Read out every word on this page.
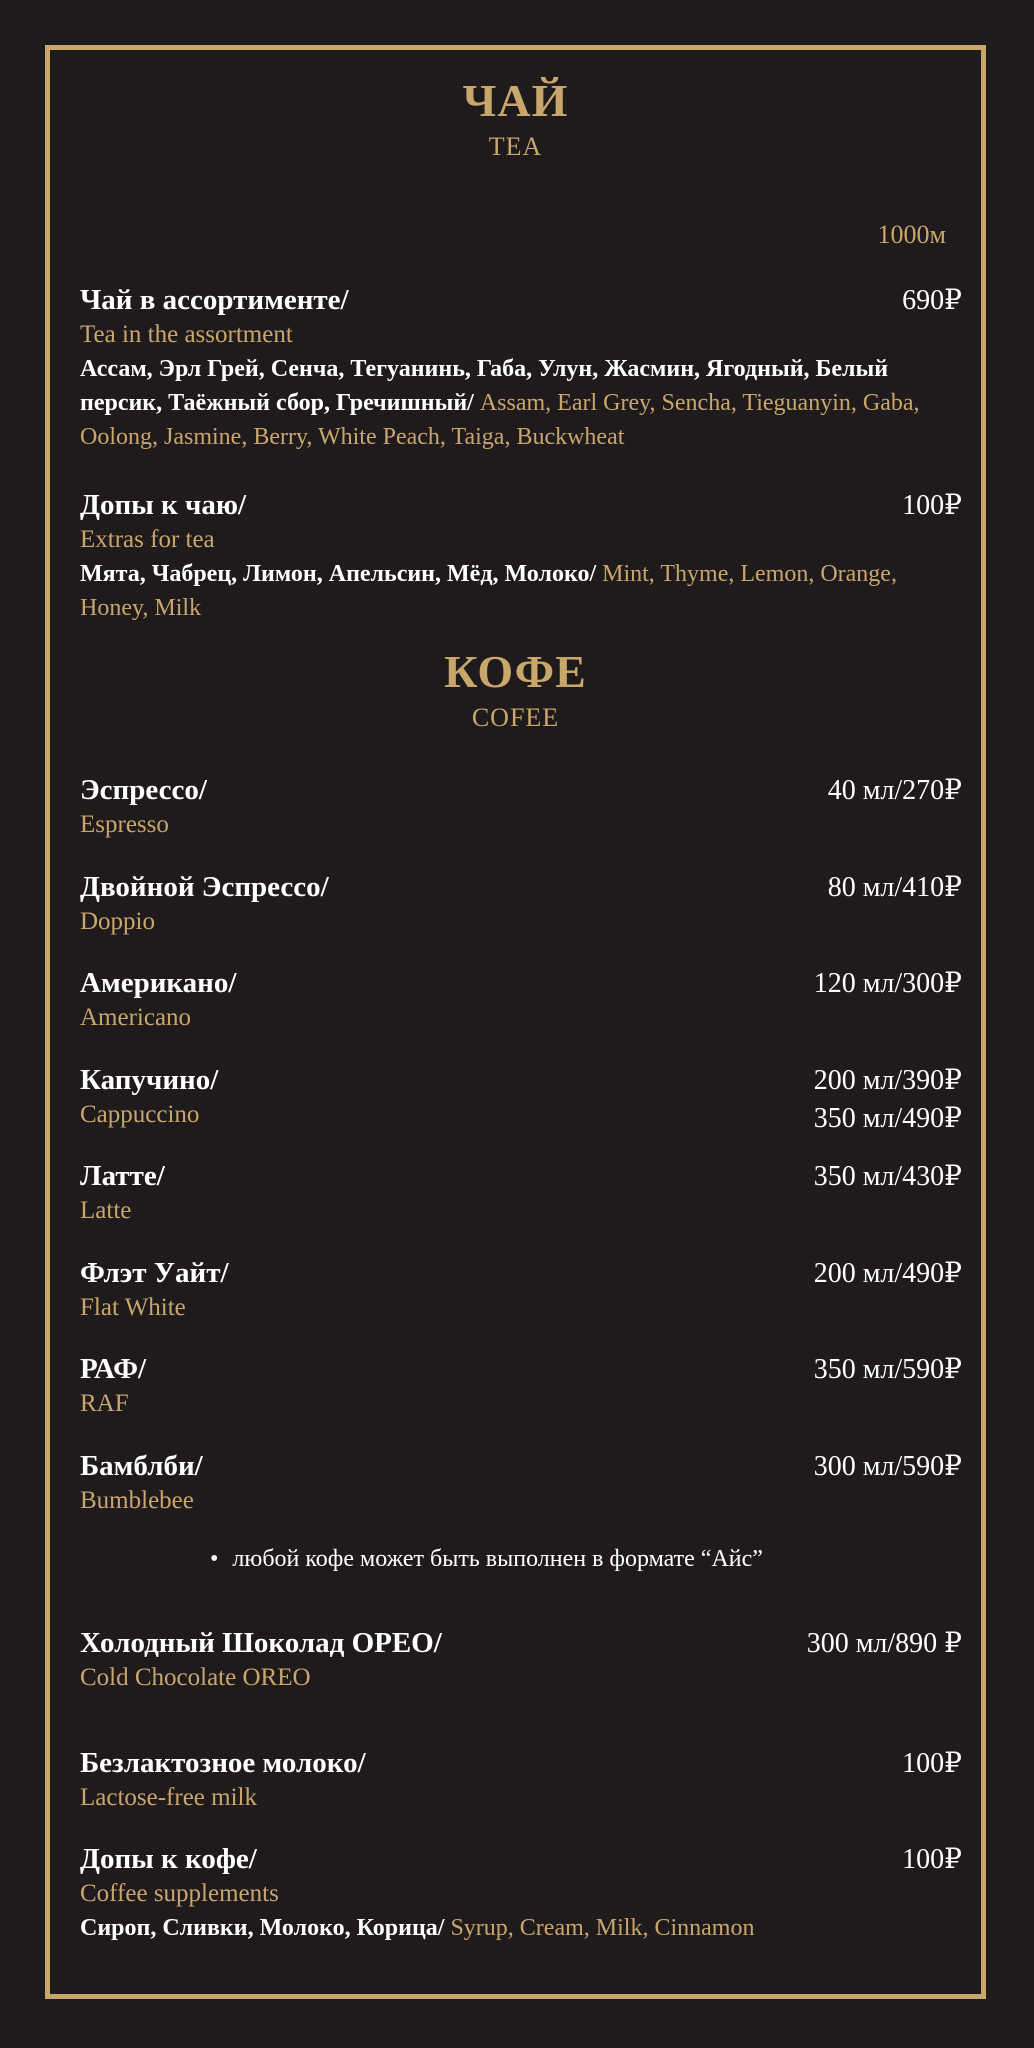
ЧАЙ
TEA
1000м
Чай в ассортименте/
Tea in the assortment
Ассам, Эрл Грей, Сенча, Тегуанинь, Габа, Улун, Жасмин, Ягодный, Белый персик, Таёжный сбор, Гречишный/ Assam, Earl Grey, Sencha, Tieguanyin, Gaba, Oolong, Jasmine, Berry, White Peach, Taiga, Buckwheat
690₽
Допы к чаю/
Extras for tea
Мята, Чабрец, Лимон, Апельсин, Мёд, Молоко/ Mint, Thyme, Lemon, Orange, Honey, Milk
100₽
КОФЕ
COFEE
Эспрессо/
Espresso
40 мл/270₽
Двойной Эспрессо/
Doppio
80 мл/410₽
Американо/
Americano
120 мл/300₽
Капучино/
Cappuccino
200 мл/390₽
350 мл/490₽
Латте/
Latte
350 мл/430₽
Флэт Уайт/
Flat White
200 мл/490₽
РАФ/
RAF
350 мл/590₽
Бамблби/
Bumblebee
300 мл/590₽
• любой кофе может быть выполнен в формате “Айс”
Холодный Шоколад ОРЕО/
Cold Chocolate OREO
300 мл/890 ₽
Безлактозное молоко/
Lactose-free milk
100₽
Допы к кофе/
Coffee supplements
Сироп, Сливки, Молоко, Корица/ Syrup, Cream, Milk, Cinnamon
100₽
